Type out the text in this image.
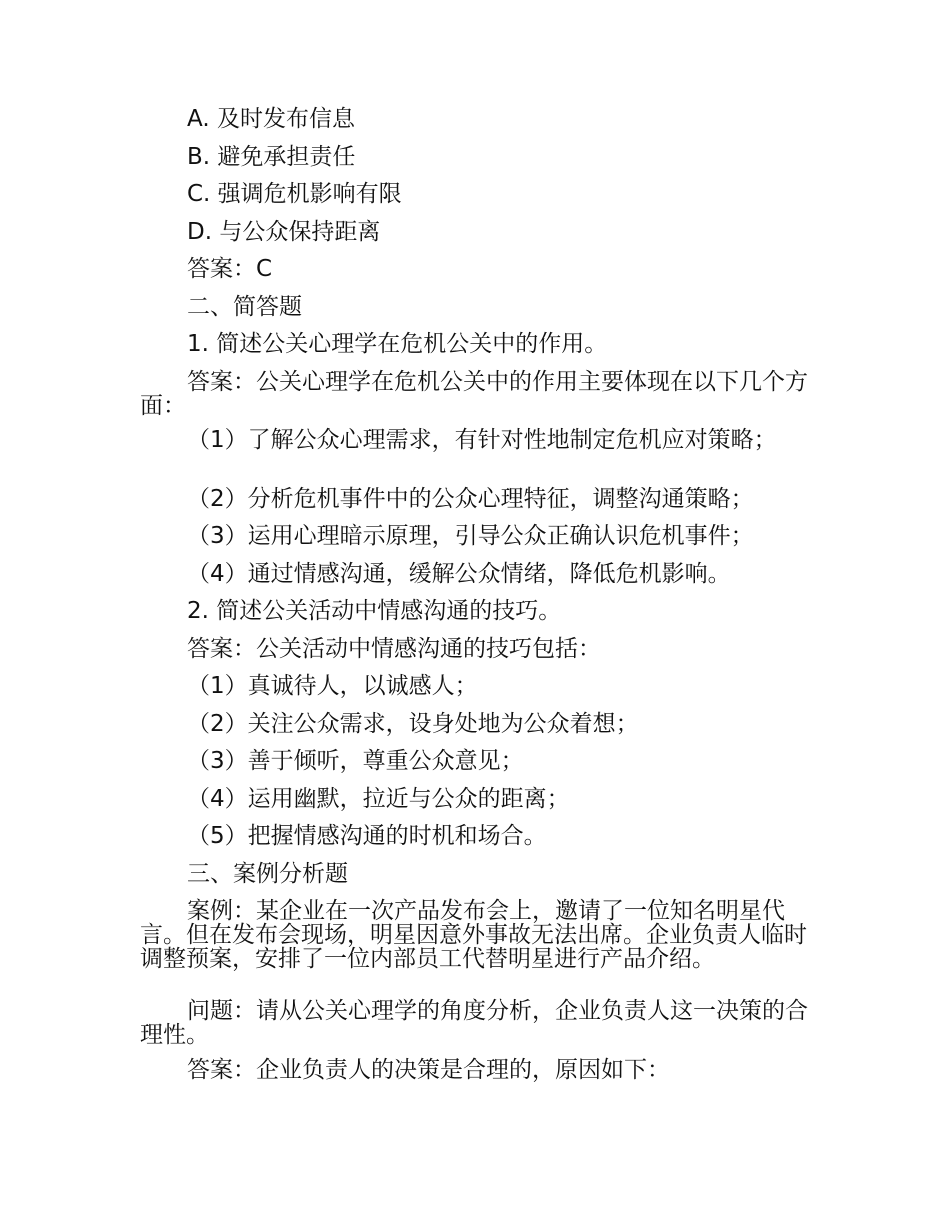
A. 及时发布信息

B. 避免承担责任

C. 强调危机影响有限

D. 与公众保持距离

答案：C

二、简答题

1. 简述公关心理学在危机公关中的作用。

答案：公关心理学在危机公关中的作用主要体现在以下几个方面：

（1）了解公众心理需求，有针对性地制定危机应对策略；

（2）分析危机事件中的公众心理特征，调整沟通策略；

（3）运用心理暗示原理，引导公众正确认识危机事件；

（4）通过情感沟通，缓解公众情绪，降低危机影响。

2. 简述公关活动中情感沟通的技巧。

答案：公关活动中情感沟通的技巧包括：

（1）真诚待人，以诚感人；

（2）关注公众需求，设身处地为公众着想；

（3）善于倾听，尊重公众意见；

（4）运用幽默，拉近与公众的距离；

（5）把握情感沟通的时机和场合。

三、案例分析题

案例：某企业在一次产品发布会上，邀请了一位知名明星代言。但在发布会现场，明星因意外事故无法出席。企业负责人临时调整预案，安排了一位内部员工代替明星进行产品介绍。

问题：请从公关心理学的角度分析，企业负责人这一决策的合理性。

答案：企业负责人的决策是合理的，原因如下：
